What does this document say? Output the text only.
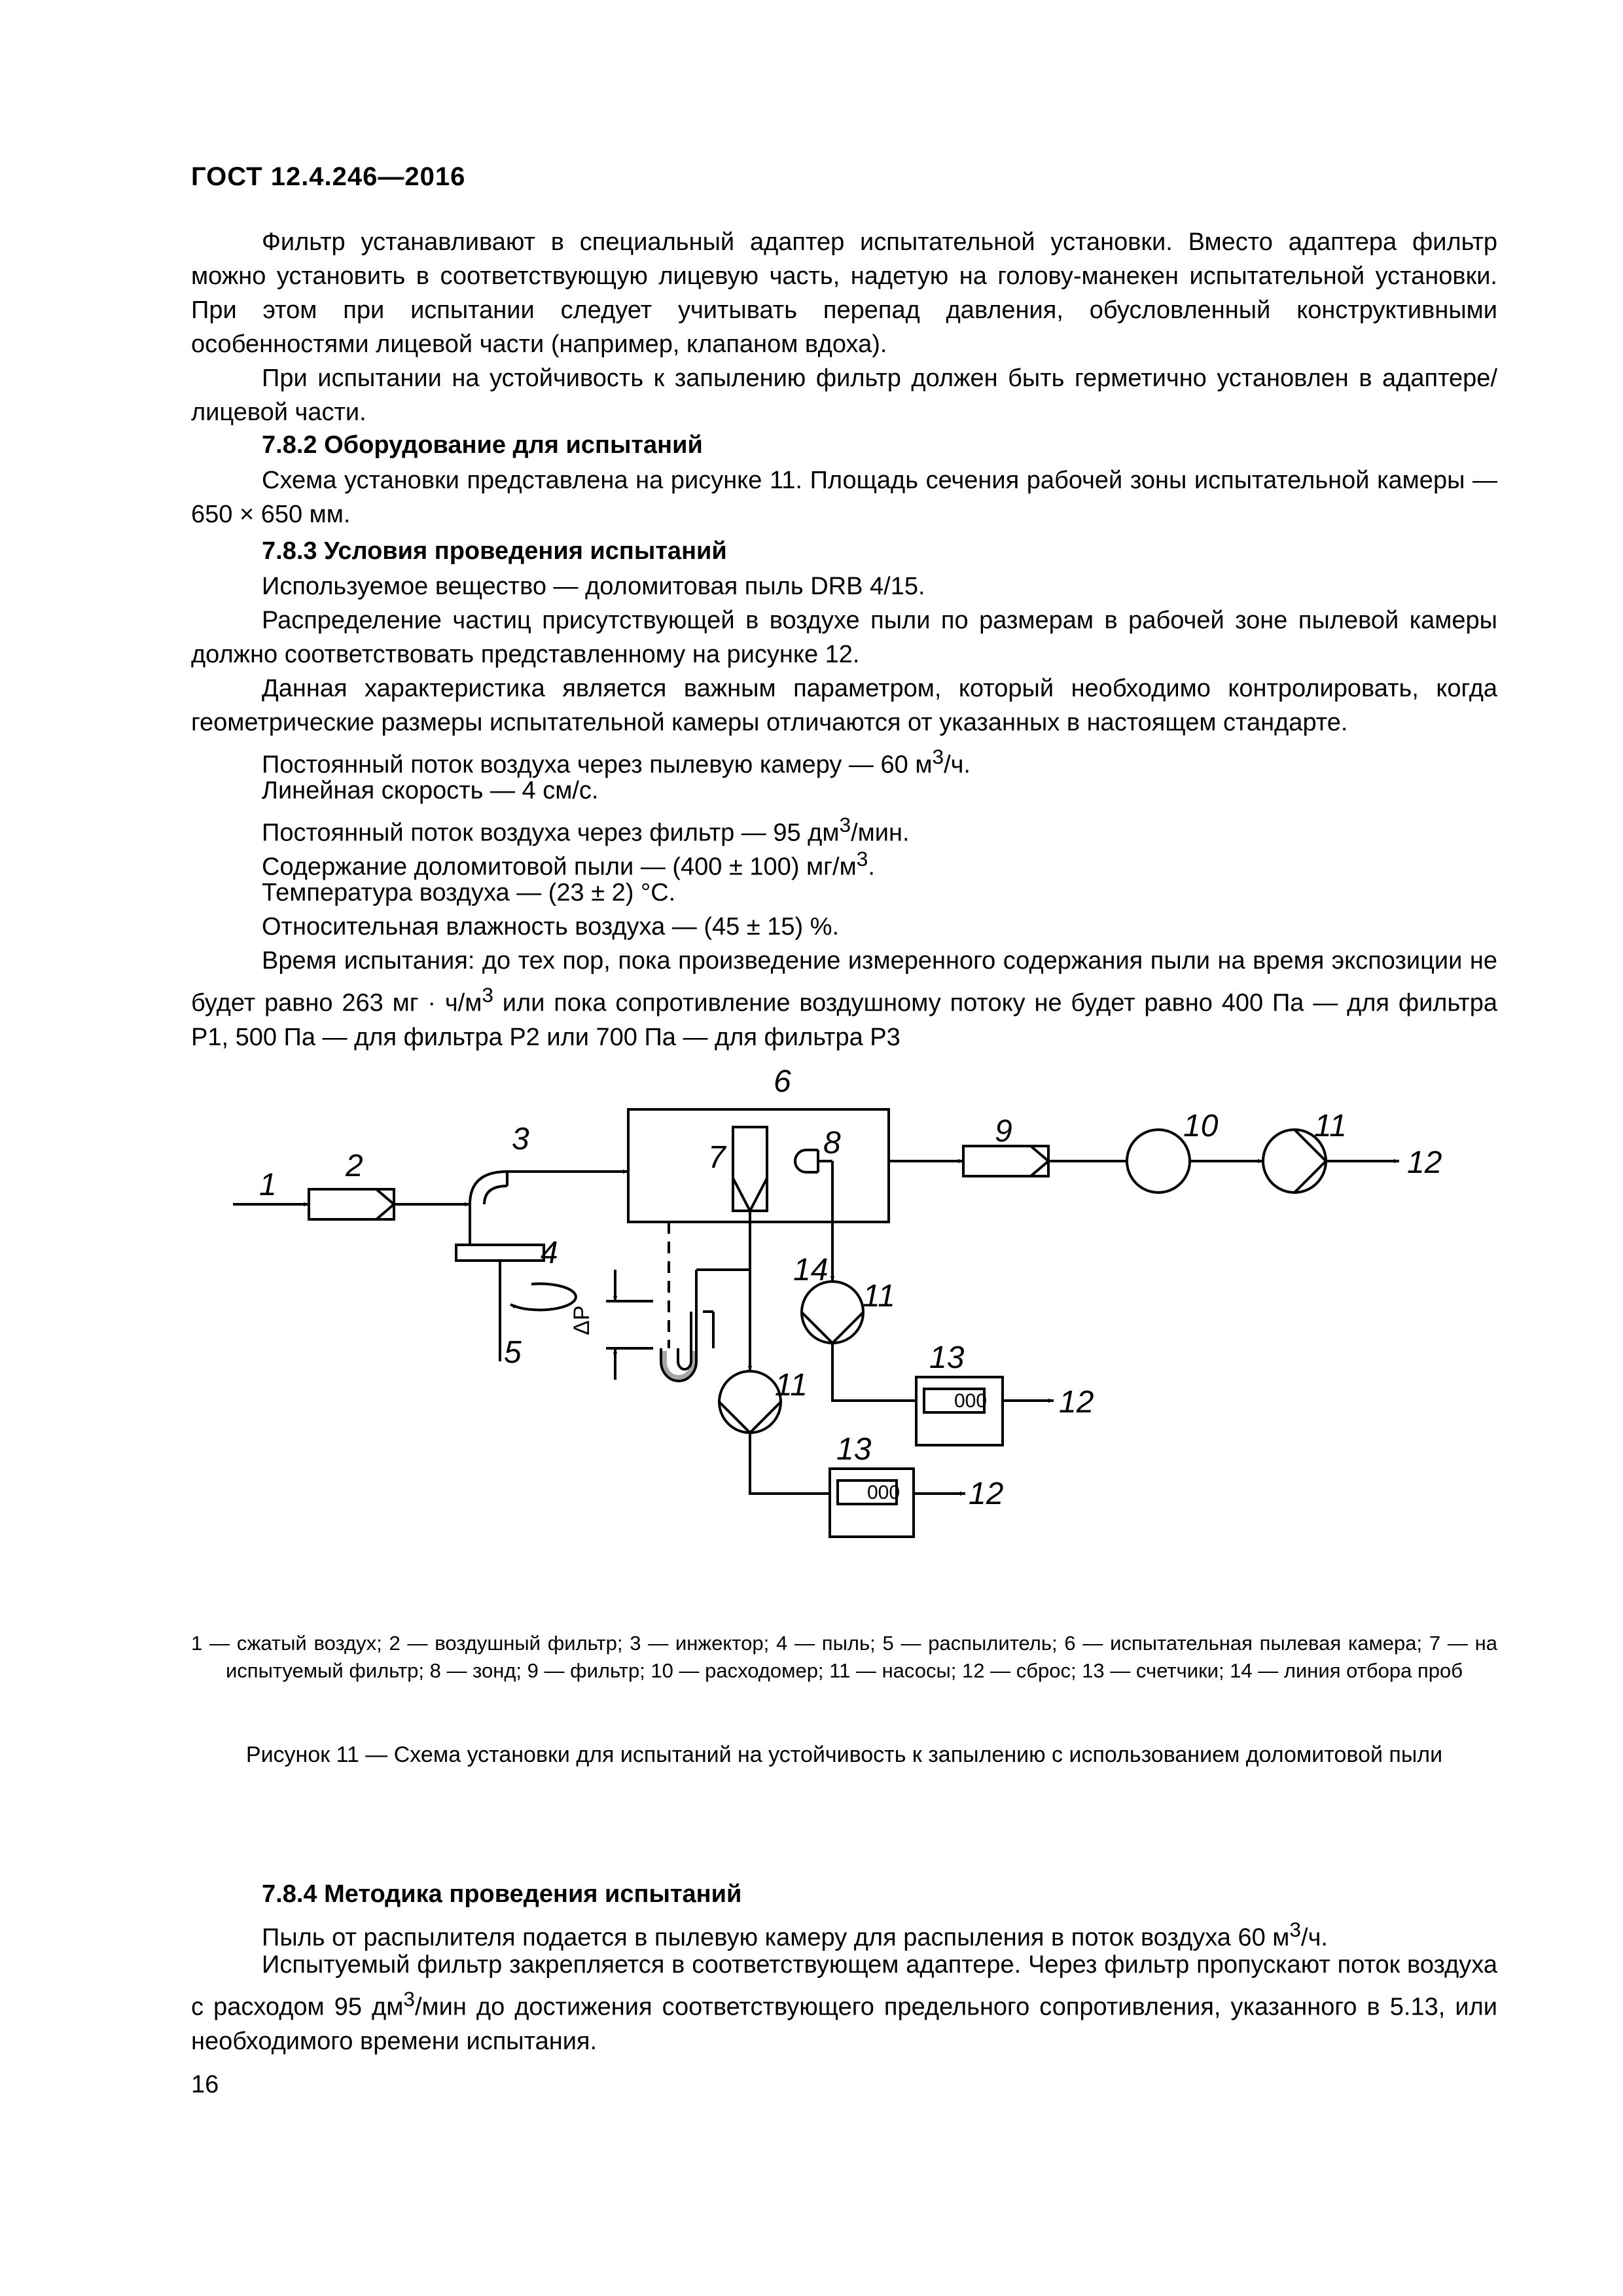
ГОСТ 12.4.246—2016
Фильтр устанавливают в специальный адаптер испытательной установки. Вместо адаптера фильтр можно установить в соответствующую лицевую часть, надетую на голову-манекен испытательной установки. При этом при испытании следует учитывать перепад давления, обусловленный конструктивными особенностями лицевой части (например, клапаном вдоха).
При испытании на устойчивость к запылению фильтр должен быть герметично установлен в адаптере/лицевой части.
7.8.2 Оборудование для испытаний
Схема установки представлена на рисунке 11. Площадь сечения рабочей зоны испытательной камеры — 650 × 650 мм.
7.8.3 Условия проведения испытаний
Используемое вещество — доломитовая пыль DRB 4/15.
Распределение частиц присутствующей в воздухе пыли по размерам в рабочей зоне пылевой камеры должно соответствовать представленному на рисунке 12.
Данная характеристика является важным параметром, который необходимо контролировать, когда геометрические размеры испытательной камеры отличаются от указанных в настоящем стандарте.
Постоянный поток воздуха через пылевую камеру — 60 $м^3/ч$.
Линейная скорость — 4 см/с.
Постоянный поток воздуха через фильтр — 95 $дм^3$/мин.
Содержание доломитовой пыли — (400 ± 100) $мг/м^3$.
Температура воздуха — (23 ± 2) °С.
Относительная влажность воздуха — (45 ± 15) %.
Время испытания: до тех пор, пока произведение измеренного содержания пыли на время экспозиции не будет равно 263 мг · $ч/м^3$ или пока сопротивление воздушному потоку не будет равно 400 Па — для фильтра Р1, 500 Па — для фильтра Р2 или 700 Па — для фильтра Р3
1
2
3
4
5
6
7	8	9	10	11
12
14
11
13
12
11
13
12
ΔP
000
000
1 — сжатый воздух; 2 — воздушный фильтр; 3 — инжектор; 4 — пыль; 5 — распылитель; 6 — испытательная пылевая камера; 7 — на испытуемый фильтр; 8 — зонд; 9 — фильтр; 10 — расходомер; 11 — насосы; 12 — сброс; 13 — счетчики; 14 — линия отбора проб
Рисунок 11 — Схема установки для испытаний на устойчивость к запылению с использованием доломитовой пыли
7.8.4 Методика проведения испытаний
Пыль от распылителя подается в пылевую камеру для распыления в поток воздуха 60 $м^3/ч$.
Испытуемый фильтр закрепляется в соответствующем адаптере. Через фильтр пропускают поток воздуха с расходом 95 $дм^3$/мин до достижения соответствующего предельного сопротивления, указанного в 5.13, или необходимого времени испытания.
16
